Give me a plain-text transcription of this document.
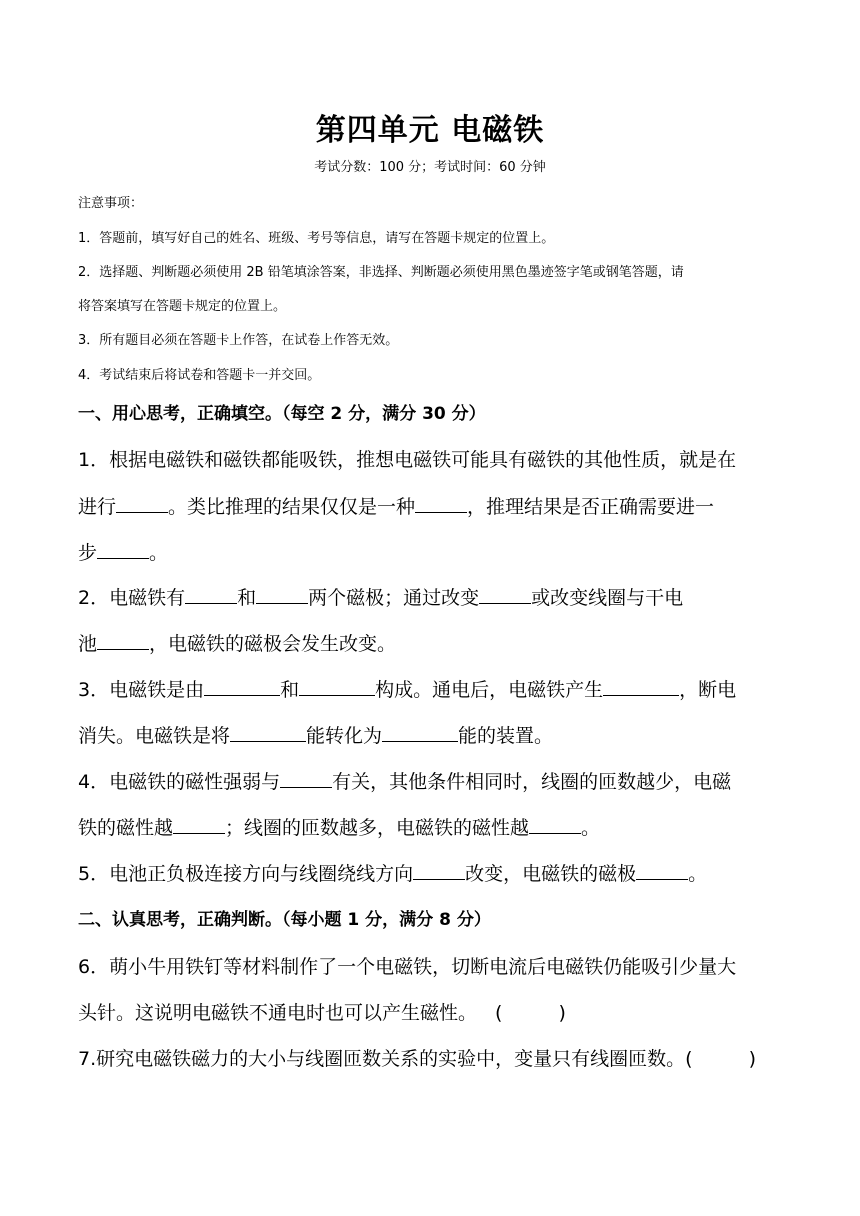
第四单元 电磁铁
考试分数：100 分；考试时间：60 分钟
注意事项：
1．答题前，填写好自己的姓名、班级、考号等信息，请写在答题卡规定的位置上。
2．选择题、判断题必须使用 2B 铅笔填涂答案，非选择、判断题必须使用黑色墨迹签字笔或钢笔答题，请
将答案填写在答题卡规定的位置上。
3．所有题目必须在答题卡上作答，在试卷上作答无效。
4．考试结束后将试卷和答题卡一并交回。
一、用心思考，正确填空。（每空 2 分，满分 30 分）
1．根据电磁铁和磁铁都能吸铁，推想电磁铁可能具有磁铁的其他性质，就是在
进行	。类比推理的结果仅仅是一种	，推理结果是否正确需要进一
步	。
2．电磁铁有	和	两个磁极；通过改变	或改变线圈与干电
池	，电磁铁的磁极会发生改变。
3．电磁铁是由	和	构成。通电后，电磁铁产生	，断电
消失。电磁铁是将	能转化为	能的装置。
4．电磁铁的磁性强弱与	有关，其他条件相同时，线圈的匝数越少，电磁
铁的磁性越	；线圈的匝数越多，电磁铁的磁性越	。
5．电池正负极连接方向与线圈绕线方向	改变，电磁铁的磁极	。
二、认真思考，正确判断。（每小题 1 分，满分 8 分）
6．萌小牛用铁钉等材料制作了一个电磁铁，切断电流后电磁铁仍能吸引少量大
头针。这说明电磁铁不通电时也可以产生磁性。 (	)
7.研究电磁铁磁力的大小与线圈匝数关系的实验中，变量只有线圈匝数。(	)
